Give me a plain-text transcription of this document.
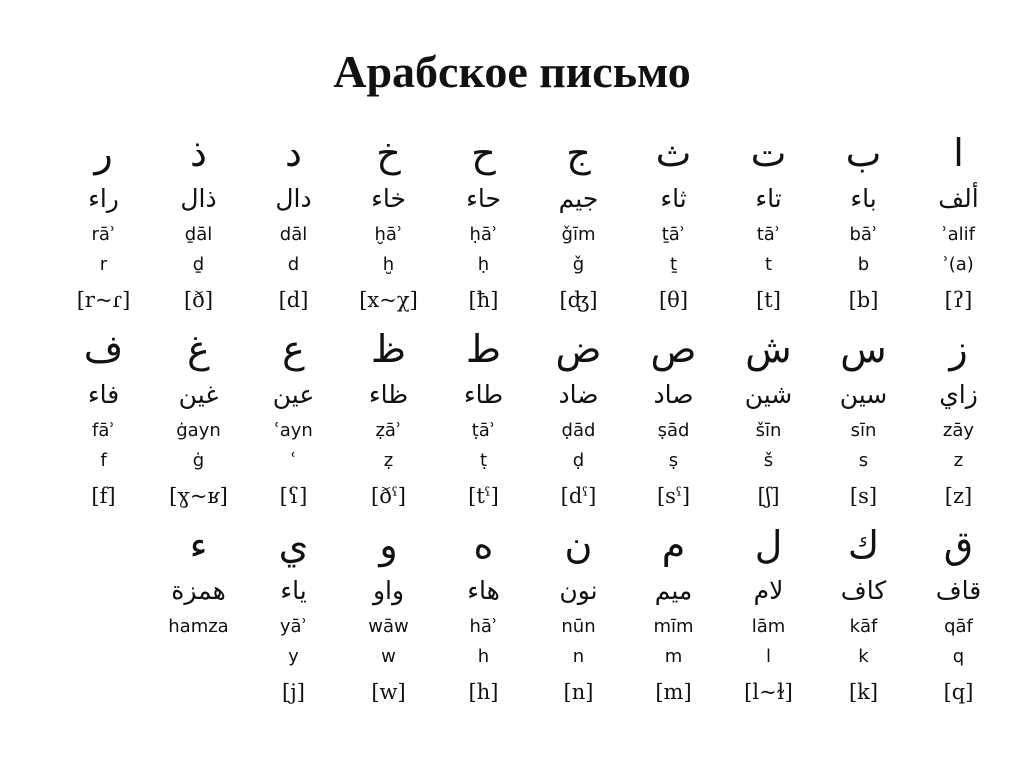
Арабское письмо
ا
ألف
ʾalif
ʾ(a)
[ʔ]
ب
باء
bāʾ
b
[b]
ت
تاء
tāʾ
t
[t]
ث
ثاء
ṯāʾ
ṯ
[θ]
ج
جيم
ǧīm
ǧ
[ʤ]
ح
حاء
ḥāʾ
ḥ
[ħ]
خ
خاء
ḫāʾ
ḫ
[x~χ]
د
دال
dāl
d
[d]
ذ
ذال
ḏāl
ḏ
[ð]
ر
راء
rāʾ
r
[r~ɾ]
ز
زاي
zāy
z
[z]
س
سين
sīn
s
[s]
ش
شين
šīn
š
[ʃ]
ص
صاد
ṣād
ṣ
[sˤ]
ض
ضاد
ḍād
ḍ
[dˤ]
ط
طاء
ṭāʾ
ṭ
[tˤ]
ظ
ظاء
ẓāʾ
ẓ
[ðˤ]
ع
عين
ʿayn
ʿ
[ʕ]
غ
غين
ġayn
ġ
[ɣ~ʁ]
ف
فاء
fāʾ
f
[f]
ق
قاف
qāf
q
[q]
ك
كاف
kāf
k
[k]
ل
لام
lām
l
[l~ɫ]
م
ميم
mīm
m
[m]
ن
نون
nūn
n
[n]
ه
هاء
hāʾ
h
[h]
و
واو
wāw
w
[w]
ي
ياء
yāʾ
y
[j]
ء
همزة
hamza
